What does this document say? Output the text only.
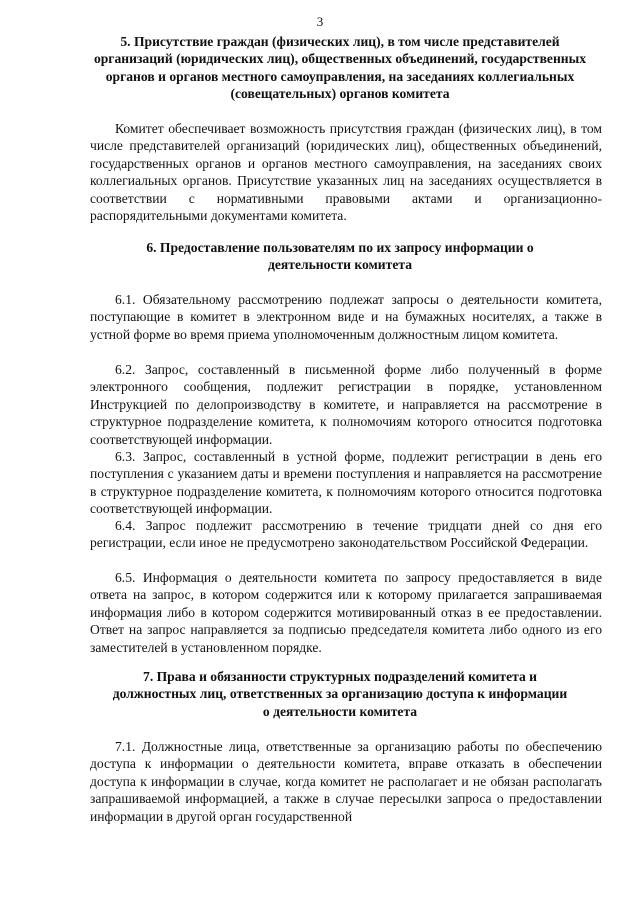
3
5. Присутствие граждан (физических лиц), в том числе представителей организаций (юридических лиц), общественных объединений, государственных органов и органов местного самоуправления, на заседаниях коллегиальных (совещательных) органов комитета

Комитет обеспечивает возможность присутствия граждан (физических лиц), в том числе представителей организаций (юридических лиц), общественных объединений, государственных органов и органов местного самоуправления, на заседаниях своих коллегиальных органов. Присутствие указанных лиц на заседаниях осуществляется в соответствии с нормативными правовыми актами и организационно-распорядительными документами комитета.

6. Предоставление пользователям по их запросу информации о деятельности комитета

6.1. Обязательному рассмотрению подлежат запросы о деятельности комитета, поступающие в комитет в электронном виде и на бумажных носителях, а также в устной форме во время приема уполномоченным должностным лицом комитета.

6.2. Запрос, составленный в письменной форме либо полученный в форме электронного сообщения, подлежит регистрации в порядке, установленном Инструкцией по делопроизводству в комитете, и направляется на рассмотрение в структурное подразделение комитета, к полномочиям которого относится подготовка соответствующей информации.

6.3. Запрос, составленный в устной форме, подлежит регистрации в день его поступления с указанием даты и времени поступления и направляется на рассмотрение в структурное подразделение комитета, к полномочиям которого относится подготовка соответствующей информации.

6.4. Запрос подлежит рассмотрению в течение тридцати дней со дня его регистрации, если иное не предусмотрено законодательством Российской Федерации.

6.5. Информация о деятельности комитета по запросу предоставляется в виде ответа на запрос, в котором содержится или к которому прилагается запрашиваемая информация либо в котором содержится мотивированный отказ в ее предоставлении. Ответ на запрос направляется за подписью председателя комитета либо одного из его заместителей в установленном порядке.

7. Права и обязанности структурных подразделений комитета и должностных лиц, ответственных за организацию доступа к информации о деятельности комитета

7.1. Должностные лица, ответственные за организацию работы по обеспечению доступа к информации о деятельности комитета, вправе отказать в обеспечении доступа к информации в случае, когда комитет не располагает и не обязан располагать запрашиваемой информацией, а также в случае пересылки запроса о предоставлении информации в другой орган государственной
